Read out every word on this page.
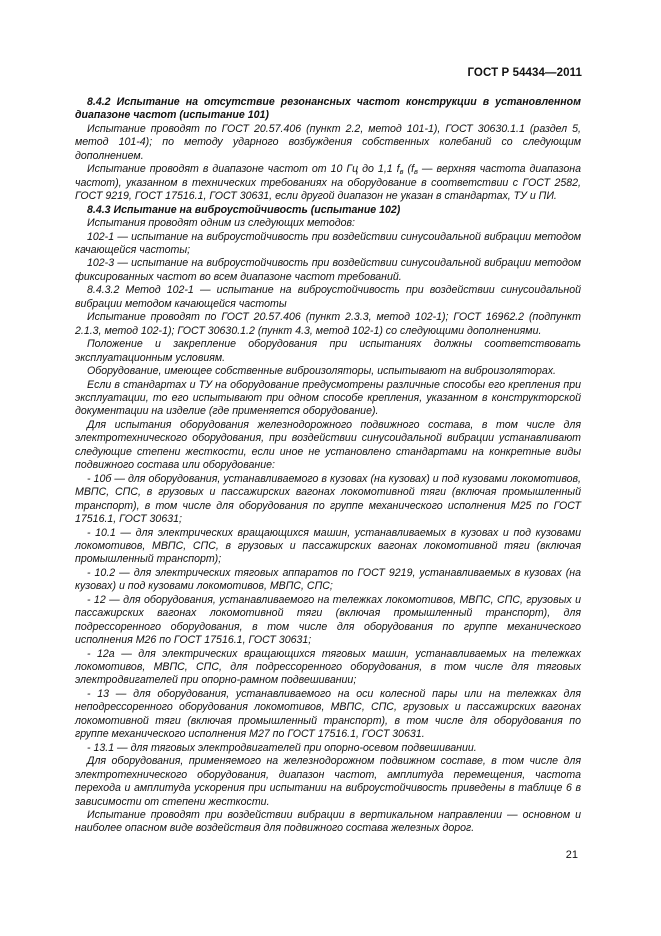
ГОСТ Р 54434—2011

8.4.2 Испытание на отсутствие резонансных частот конструкции в установленном диапазоне частот (испытание 101)

Испытание проводят по ГОСТ 20.57.406 (пункт 2.2, метод 101-1), ГОСТ 30630.1.1 (раздел 5, метод 101-4); по методу ударного возбуждения собственных колебаний со следующим дополнением.

Испытание проводят в диапазоне частот от 10 Гц до 1,1 $f_в$ ($f_в$ — верхняя частота диапазона частот), указанном в технических требованиях на оборудование в соответствии с ГОСТ 2582, ГОСТ 9219, ГОСТ 17516.1, ГОСТ 30631, если другой диапазон не указан в стандартах, ТУ и ПИ.

8.4.3 Испытание на виброустойчивость (испытание 102)

Испытания проводят одним из следующих методов:

102-1 — испытание на виброустойчивость при воздействии синусоидальной вибрации методом качающейся частоты;

102-3 — испытание на виброустойчивость при воздействии синусоидальной вибрации методом фиксированных частот во всем диапазоне частот требований.

8.4.3.2 Метод 102-1 — испытание на виброустойчивость при воздействии синусоидальной вибрации методом качающейся частоты

Испытание проводят по ГОСТ 20.57.406 (пункт 2.3.3, метод 102-1); ГОСТ 16962.2 (подпункт 2.1.3, метод 102-1); ГОСТ 30630.1.2 (пункт 4.3, метод 102-1) со следующими дополнениями.

Положение и закрепление оборудования при испытаниях должны соответствовать эксплуатационным условиям.

Оборудование, имеющее собственные виброизоляторы, испытывают на виброизоляторах.

Если в стандартах и ТУ на оборудование предусмотрены различные способы его крепления при эксплуатации, то его испытывают при одном способе крепления, указанном в конструкторской документации на изделие (где применяется оборудование).

Для испытания оборудования железнодорожного подвижного состава, в том числе для электротехнического оборудования, при воздействии синусоидальной вибрации устанавливают следующие степени жесткости, если иное не установлено стандартами на конкретные виды подвижного состава или оборудование:

- 10б — для оборудования, устанавливаемого в кузовах (на кузовах) и под кузовами локомотивов, МВПС, СПС, в грузовых и пассажирских вагонах локомотивной тяги (включая промышленный транспорт), в том числе для оборудования по группе механического исполнения М25 по ГОСТ 17516.1, ГОСТ 30631;

- 10.1 — для электрических вращающихся машин, устанавливаемых в кузовах и под кузовами локомотивов, МВПС, СПС, в грузовых и пассажирских вагонах локомотивной тяги (включая промышленный транспорт);

- 10.2 — для электрических тяговых аппаратов по ГОСТ 9219, устанавливаемых в кузовах (на кузовах) и под кузовами локомотивов, МВПС, СПС;

- 12 — для оборудования, устанавливаемого на тележках локомотивов, МВПС, СПС, грузовых и пассажирских вагонах локомотивной тяги (включая промышленный транспорт), для подрессоренного оборудования, в том числе для оборудования по группе механического исполнения М26 по ГОСТ 17516.1, ГОСТ 30631;

- 12а — для электрических вращающихся тяговых машин, устанавливаемых на тележках локомотивов, МВПС, СПС, для подрессоренного оборудования, в том числе для тяговых электродвигателей при опорно-рамном подвешивании;

- 13 — для оборудования, устанавливаемого на оси колесной пары или на тележках для неподрессоренного оборудования локомотивов, МВПС, СПС, грузовых и пассажирских вагонах локомотивной тяги (включая промышленный транспорт), в том числе для оборудования по группе механического исполнения М27 по ГОСТ 17516.1, ГОСТ 30631.

- 13.1 — для тяговых электродвигателей при опорно-осевом подвешивании.

Для оборудования, применяемого на железнодорожном подвижном составе, в том числе для электротехнического оборудования, диапазон частот, амплитуда перемещения, частота перехода и амплитуда ускорения при испытании на виброустойчивость приведены в таблице 6 в зависимости от степени жесткости.

Испытание проводят при воздействии вибрации в вертикальном направлении — основном и наиболее опасном виде воздействия для подвижного состава железных дорог.

21
